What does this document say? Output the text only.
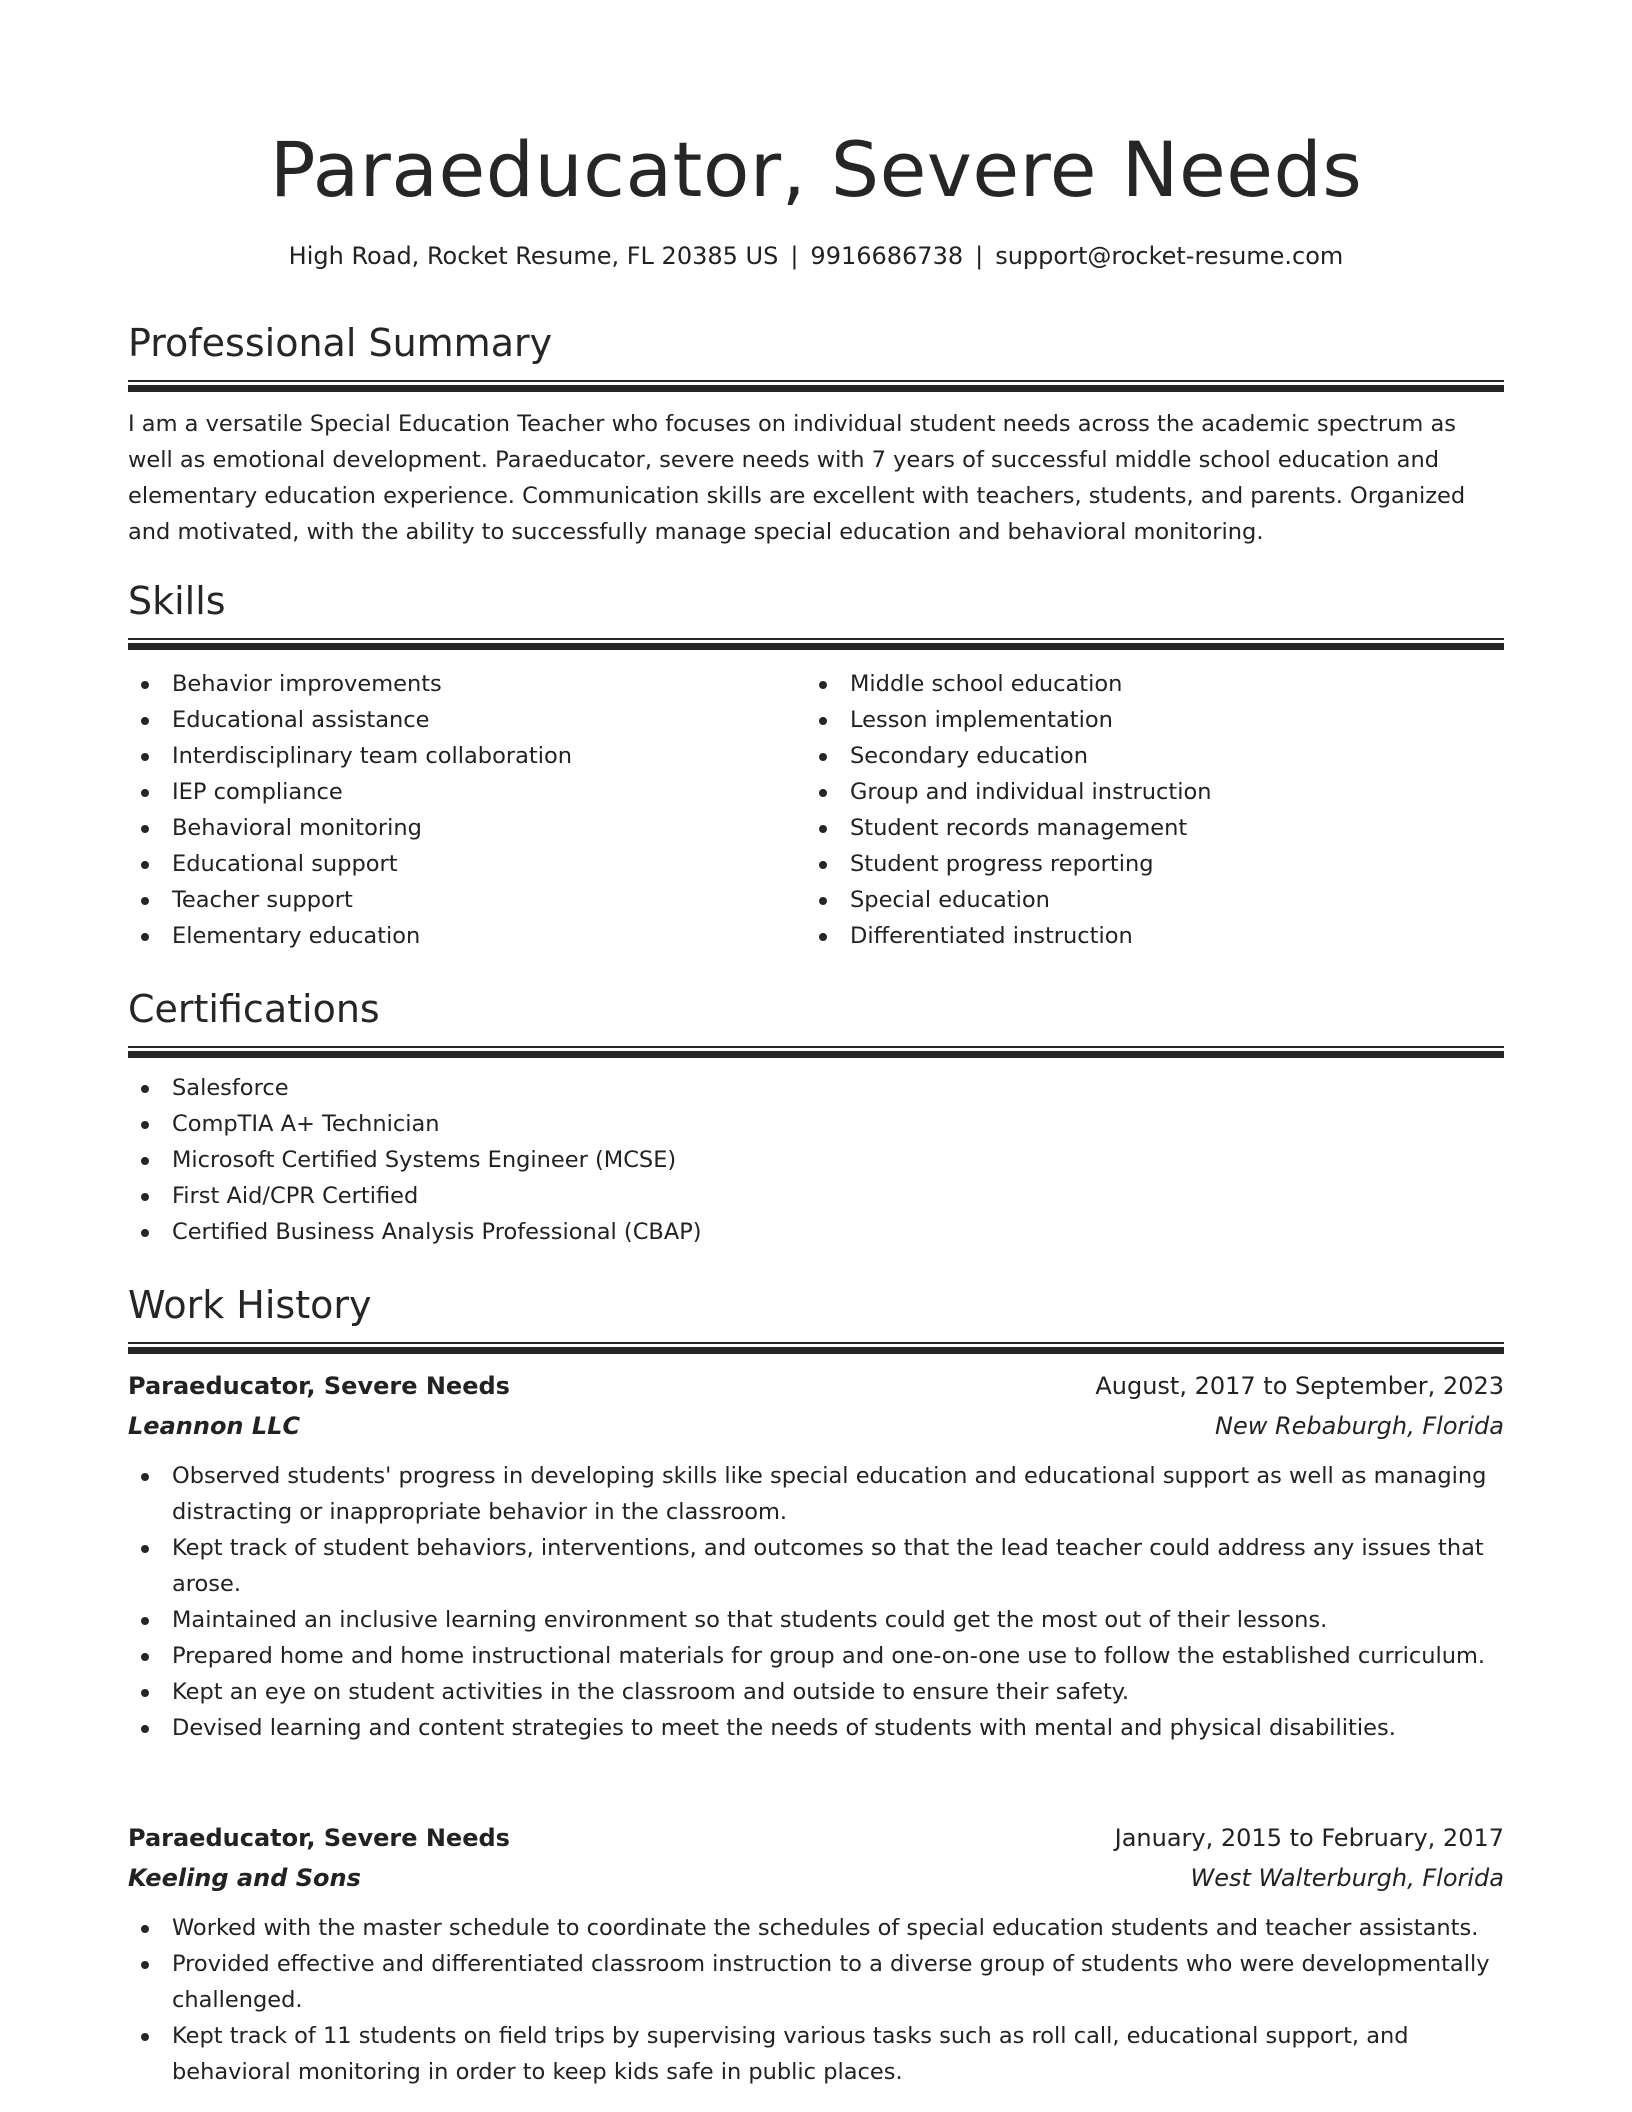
Paraeducator, Severe Needs
High Road, Rocket Resume, FL 20385 US | 9916686738 | support@rocket-resume.com
Professional Summary

I am a versatile Special Education Teacher who focuses on individual student needs across the academic spectrum as well as emotional development. Paraeducator, severe needs with 7 years of successful middle school education and elementary education experience. Communication skills are excellent with teachers, students, and parents. Organized and motivated, with the ability to successfully manage special education and behavioral monitoring.

Skills
Behavior improvements
Educational assistance
Interdisciplinary team collaboration
IEP compliance
Behavioral monitoring
Educational support
Teacher support
Elementary education
Middle school education
Lesson implementation
Secondary education
Group and individual instruction
Student records management
Student progress reporting
Special education
Differentiated instruction
Certifications
Salesforce
CompTIA A+ Technician
Microsoft Certified Systems Engineer (MCSE)
First Aid/CPR Certified
Certified Business Analysis Professional (CBAP)
Work History
Paraeducator, Severe Needs	August, 2017 to September, 2023
Leannon LLC	New Rebaburgh, Florida
Observed students' progress in developing skills like special education and educational support as well as managing distracting or inappropriate behavior in the classroom.
Kept track of student behaviors, interventions, and outcomes so that the lead teacher could address any issues that arose.
Maintained an inclusive learning environment so that students could get the most out of their lessons.
Prepared home and home instructional materials for group and one-on-one use to follow the established curriculum.
Kept an eye on student activities in the classroom and outside to ensure their safety.
Devised learning and content strategies to meet the needs of students with mental and physical disabilities.
Paraeducator, Severe Needs	January, 2015 to February, 2017
Keeling and Sons	West Walterburgh, Florida
Worked with the master schedule to coordinate the schedules of special education students and teacher assistants.
Provided effective and differentiated classroom instruction to a diverse group of students who were developmentally challenged.
Kept track of 11 students on field trips by supervising various tasks such as roll call, educational support, and behavioral monitoring in order to keep kids safe in public places.
